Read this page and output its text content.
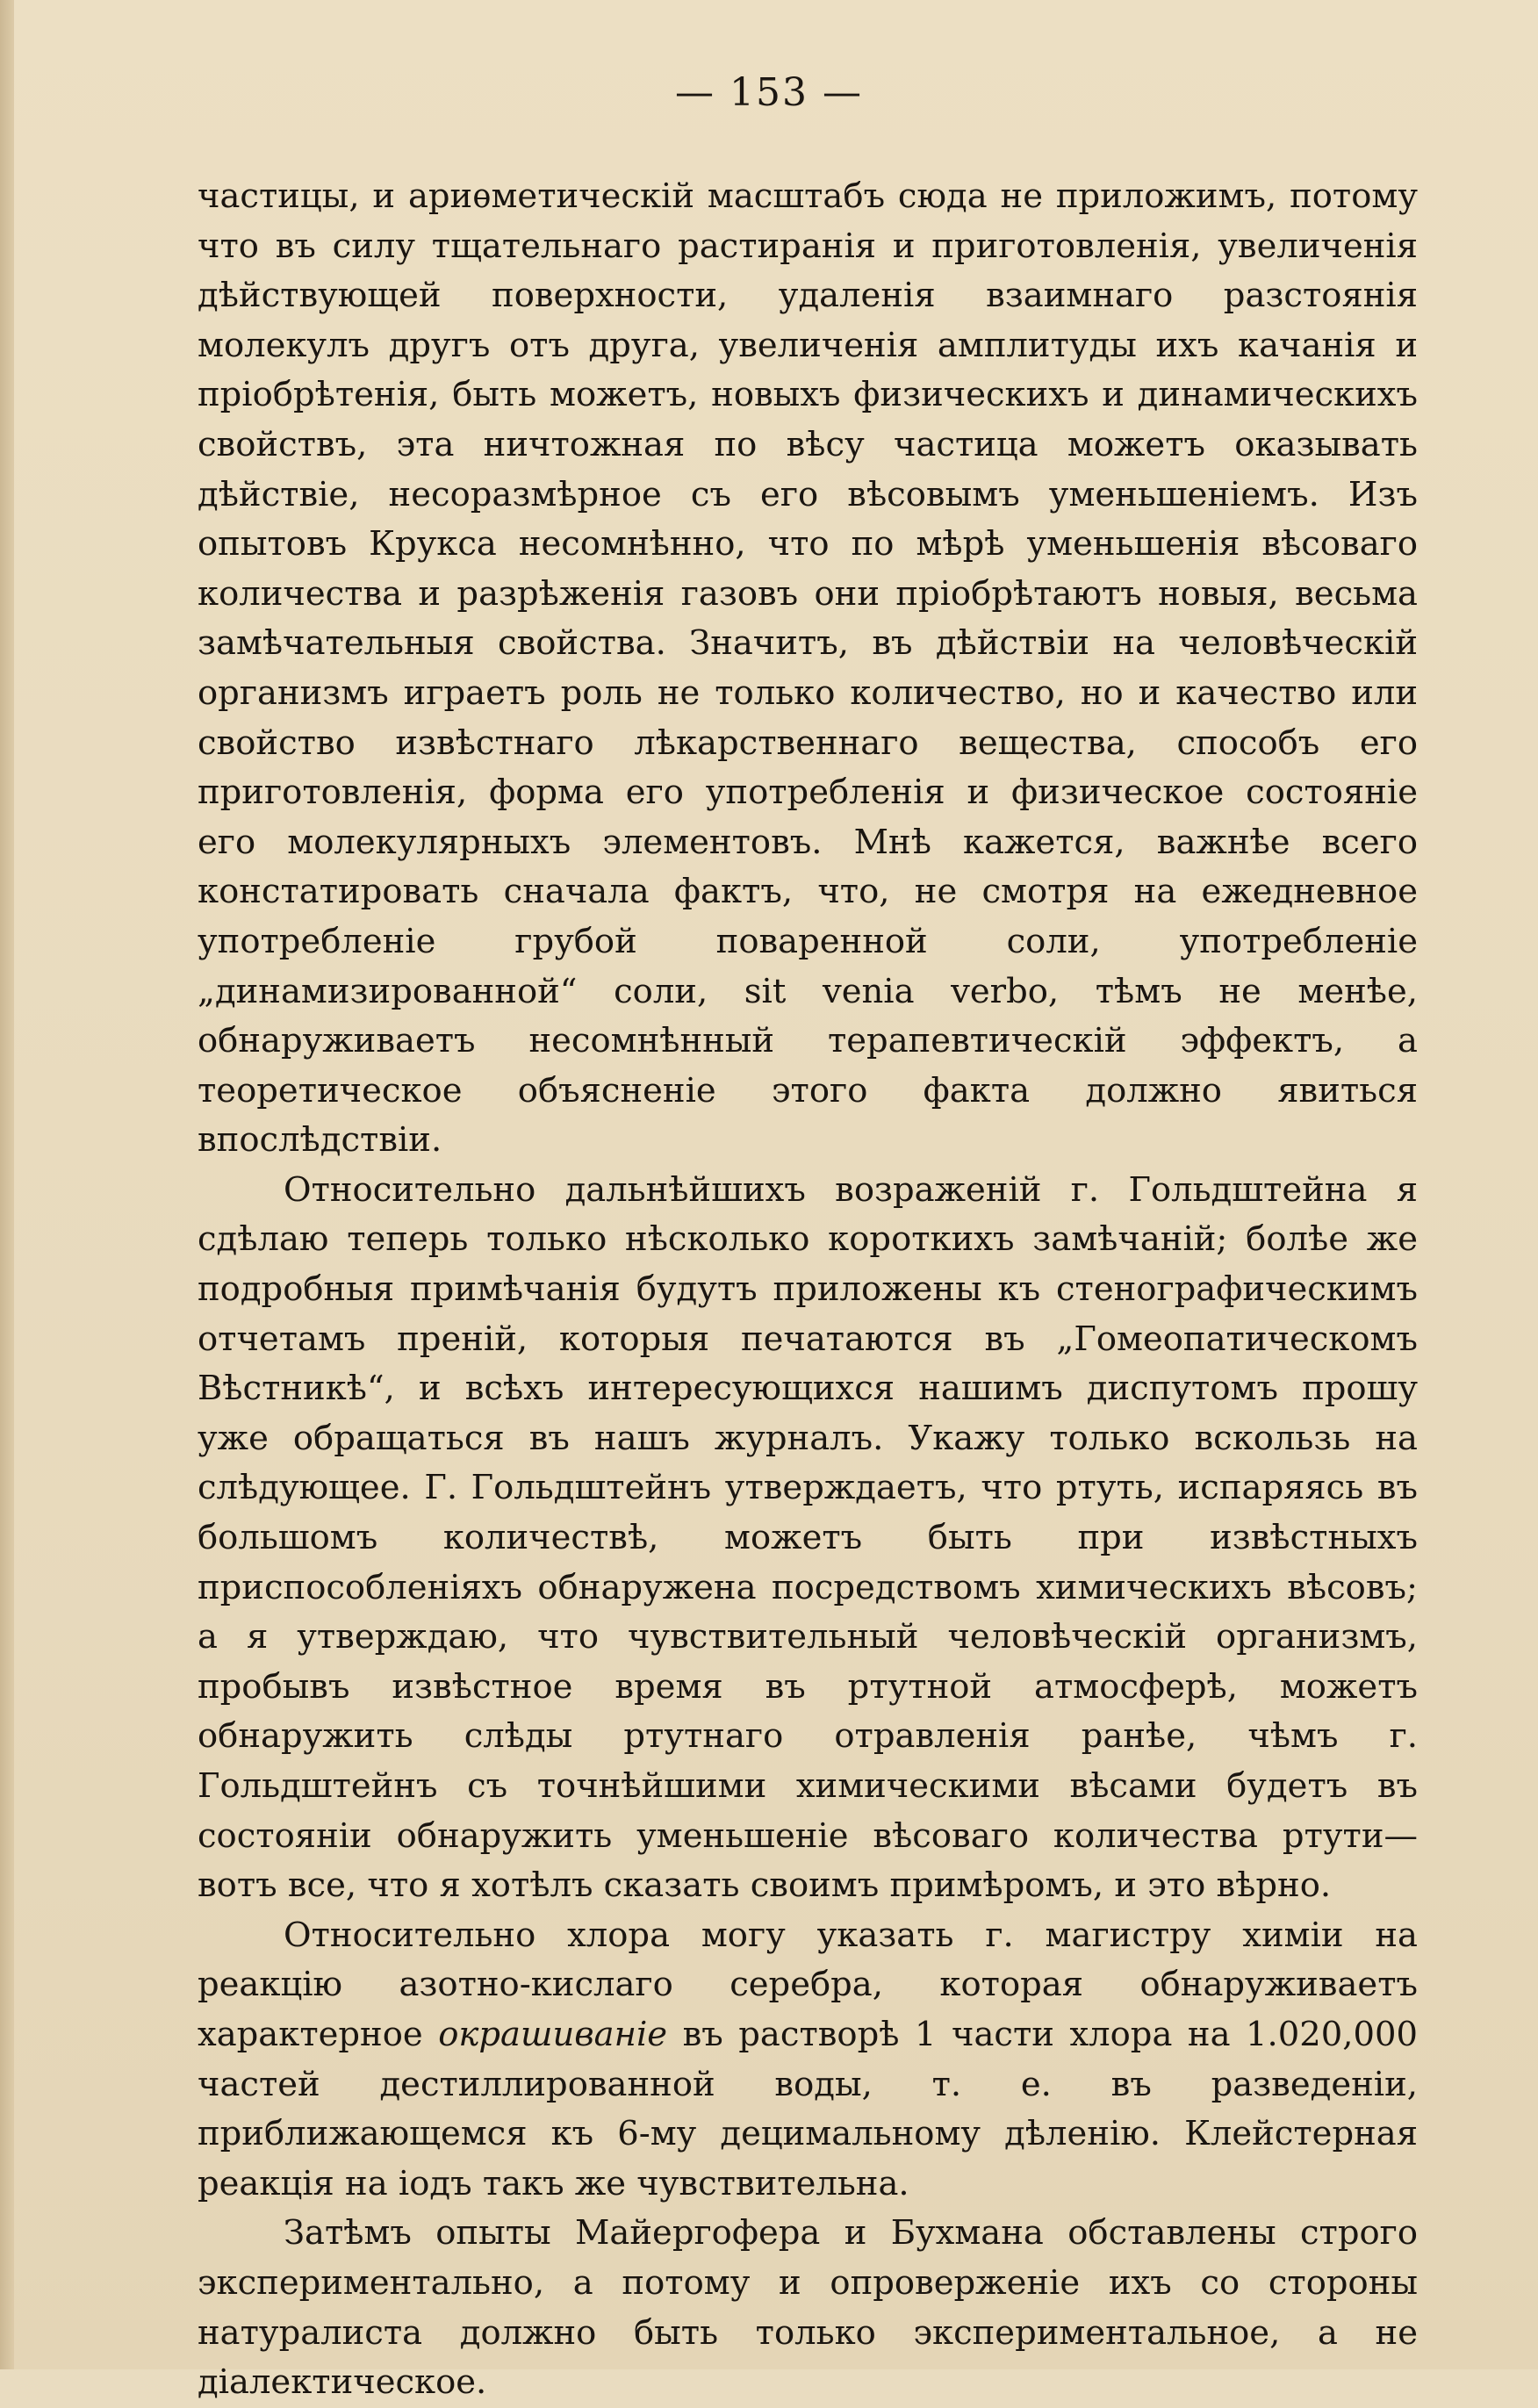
— 153 —

частицы, и ариѳметическій масштабъ сюда не приложимъ, потому что въ силу тщательнаго растиранія и приготовленія, увеличенія дѣйствующей поверхности, удаленія взаимнаго разстоянія молекулъ другъ отъ друга, увеличенія амплитуды ихъ качанія и пріобрѣтенія, быть можетъ, новыхъ физическихъ и динамическихъ свойствъ, эта ничтожная по вѣсу частица можетъ оказывать дѣйствіе, несоразмѣрное съ его вѣсовымъ уменьшеніемъ. Изъ опытовъ Крукса несомнѣнно, что по мѣрѣ уменьшенія вѣсоваго количества и разрѣженія газовъ они пріобрѣтаютъ новыя, весьма замѣчательныя свойства. Значитъ, въ дѣйствіи на человѣческій организмъ играетъ роль не только количество, но и качество или свойство извѣстнаго лѣкарственнаго вещества, способъ его приготовленія, форма его употребленія и физическое состояніе его молекулярныхъ элементовъ. Мнѣ кажется, важнѣе всего констатировать сначала фактъ, что, не смотря на ежедневное употребленіе грубой поваренной соли, употребленіе „динамизированной“ соли, sit venia verbo, тѣмъ не менѣе, обнаруживаетъ несомнѣнный терапевтическій эффектъ, а теоретическое объясненіе этого факта должно явиться впослѣдствіи.

Относительно дальнѣйшихъ возраженій г. Гольдштейна я сдѣлаю теперь только нѣсколько короткихъ замѣчаній; болѣе же подробныя примѣчанія будутъ приложены къ стенографическимъ отчетамъ преній, которыя печатаются въ „Гомеопатическомъ Вѣстникѣ“, и всѣхъ интересующихся нашимъ диспутомъ прошу уже обращаться въ нашъ журналъ. Укажу только вскользь на слѣдующее. Г. Гольдштейнъ утверждаетъ, что ртуть, испаряясь въ большомъ количествѣ, можетъ быть при извѣстныхъ приспособленіяхъ обнаружена посредствомъ химическихъ вѣсовъ; а я утверждаю, что чувствительный человѣческій организмъ, пробывъ извѣстное время въ ртутной атмосферѣ, можетъ обнаружить слѣды ртутнаго отравленія ранѣе, чѣмъ г. Гольдштейнъ съ точнѣйшими химическими вѣсами будетъ въ состояніи обнаружить уменьшеніе вѣсоваго количества ртути—вотъ все, что я хотѣлъ сказать своимъ примѣромъ, и это вѣрно.

Относительно хлора могу указать г. магистру химіи на реакцію азотно-кислаго серебра, которая обнаруживаетъ характерное окрашиваніе въ растворѣ 1 части хлора на 1.020,000 частей дестиллированной воды, т. е. въ разведеніи, приближающемся къ 6-му децимальному дѣленію. Клейстерная реакція на іодъ такъ же чувствительна.

Затѣмъ опыты Майергофера и Бухмана обставлены строго экспериментально, а потому и опроверженіе ихъ со стороны натуралиста должно быть только экспериментальное, а не діалектическое.
